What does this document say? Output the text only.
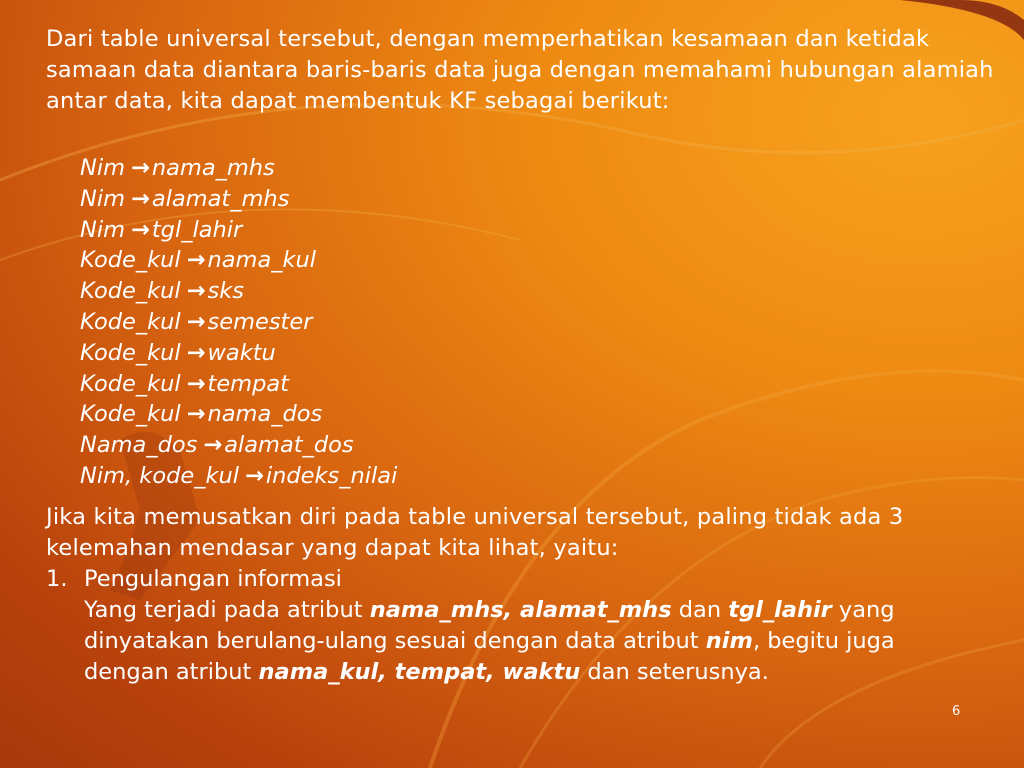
Dari table universal tersebut, dengan memperhatikan kesamaan dan ketidak samaan data diantara baris-baris data juga dengan memahami hubungan alamiah antar data, kita dapat membentuk KF sebagai berikut:
Nim →nama_mhs
Nim →alamat_mhs
Nim →tgl_lahir
Kode_kul →nama_kul
Kode_kul →sks
Kode_kul →semester
Kode_kul →waktu
Kode_kul →tempat
Kode_kul →nama_dos
Nama_dos →alamat_dos
Nim, kode_kul →indeks_nilai
Jika kita memusatkan diri pada table universal tersebut, paling tidak ada 3 kelemahan mendasar yang dapat kita lihat, yaitu:
1. Pengulangan informasi
Yang terjadi pada atribut nama_mhs, alamat_mhs dan tgl_lahir yang dinyatakan berulang-ulang sesuai dengan data atribut nim, begitu juga dengan atribut nama_kul, tempat, waktu dan seterusnya.
6
